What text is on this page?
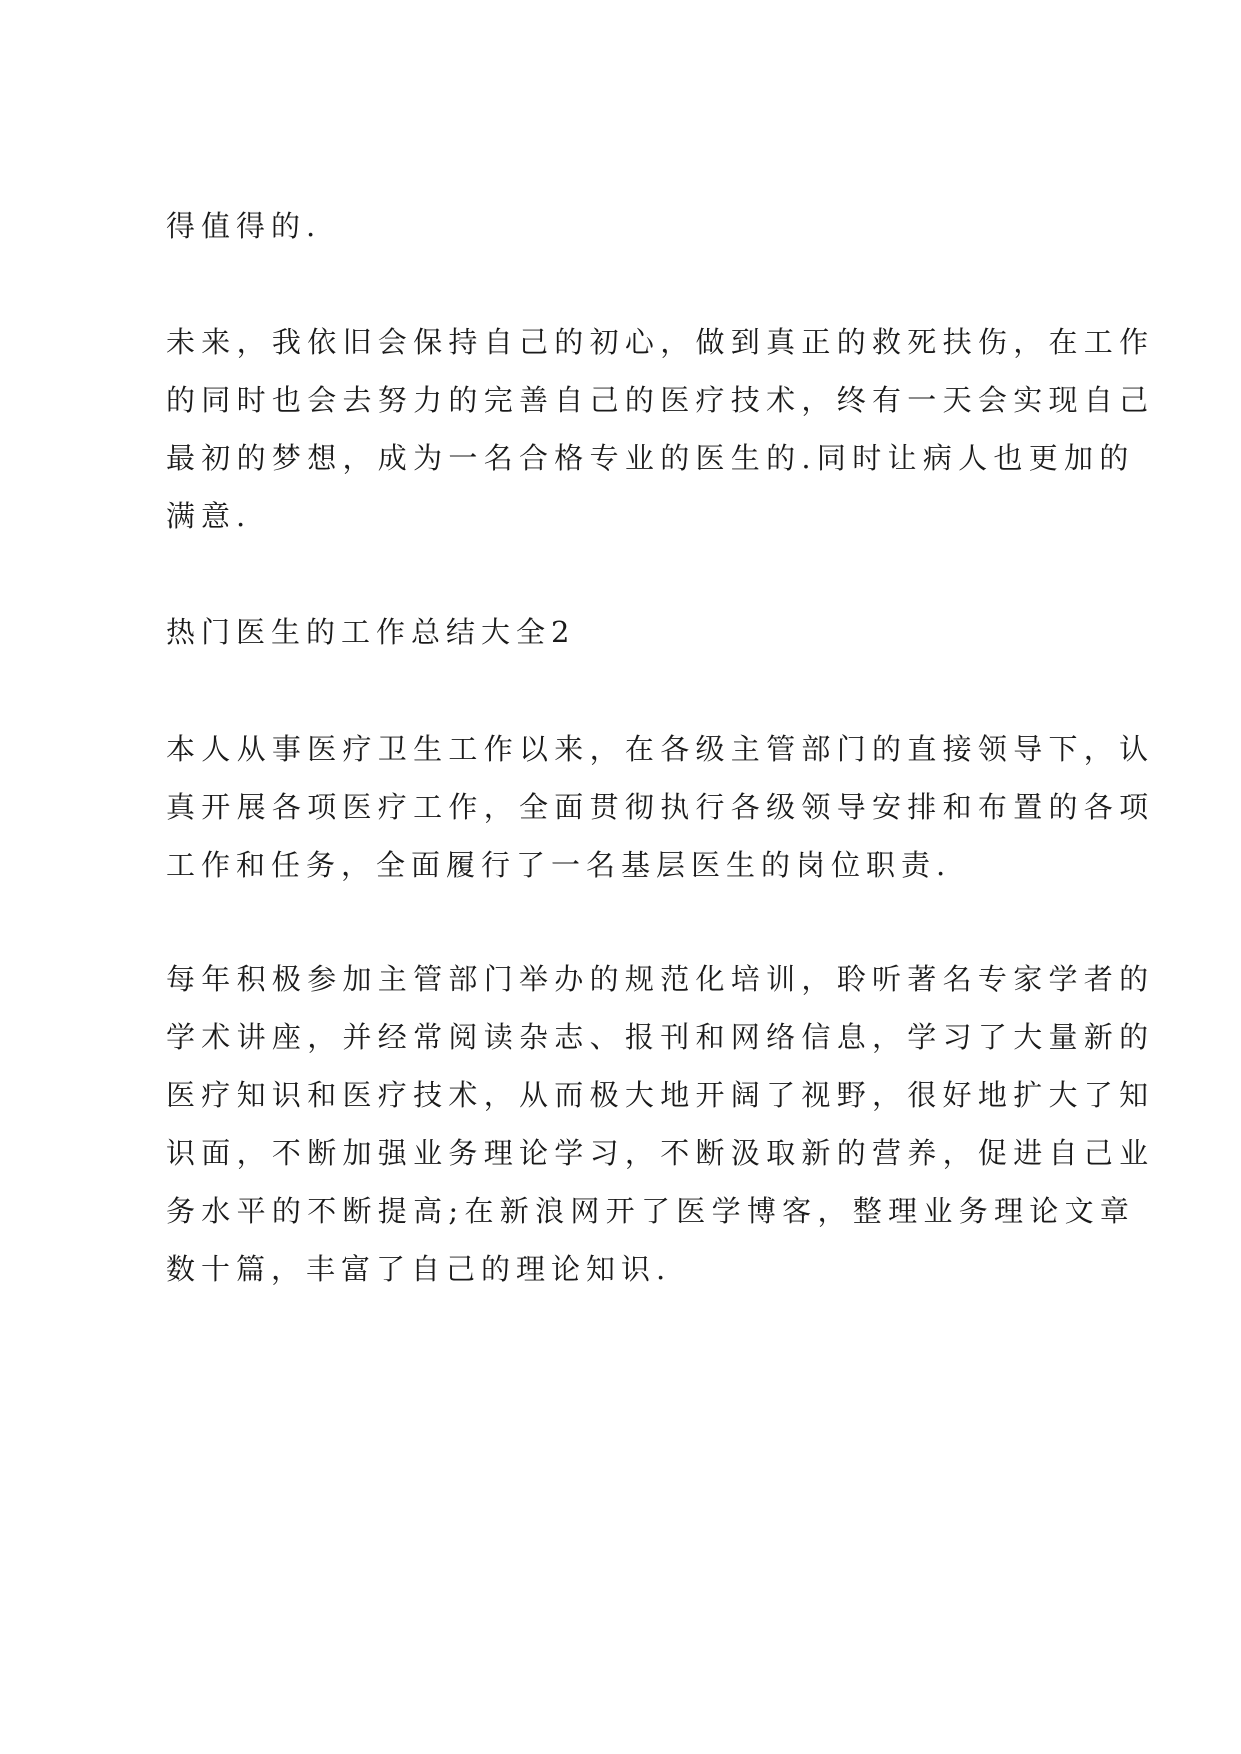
得值得的.

未来，我依旧会保持自己的初心，做到真正的救死扶伤，在工作
的同时也会去努力的完善自己的医疗技术，终有一天会实现自己
最初的梦想，成为一名合格专业的医生的.同时让病人也更加的
满意.

热门医生的工作总结大全2

本人从事医疗卫生工作以来，在各级主管部门的直接领导下，认
真开展各项医疗工作，全面贯彻执行各级领导安排和布置的各项
工作和任务，全面履行了一名基层医生的岗位职责.

每年积极参加主管部门举办的规范化培训，聆听著名专家学者的
学术讲座，并经常阅读杂志、报刊和网络信息，学习了大量新的
医疗知识和医疗技术，从而极大地开阔了视野，很好地扩大了知
识面，不断加强业务理论学习，不断汲取新的营养，促进自己业
务水平的不断提高;在新浪网开了医学博客，整理业务理论文章
数十篇，丰富了自己的理论知识.
